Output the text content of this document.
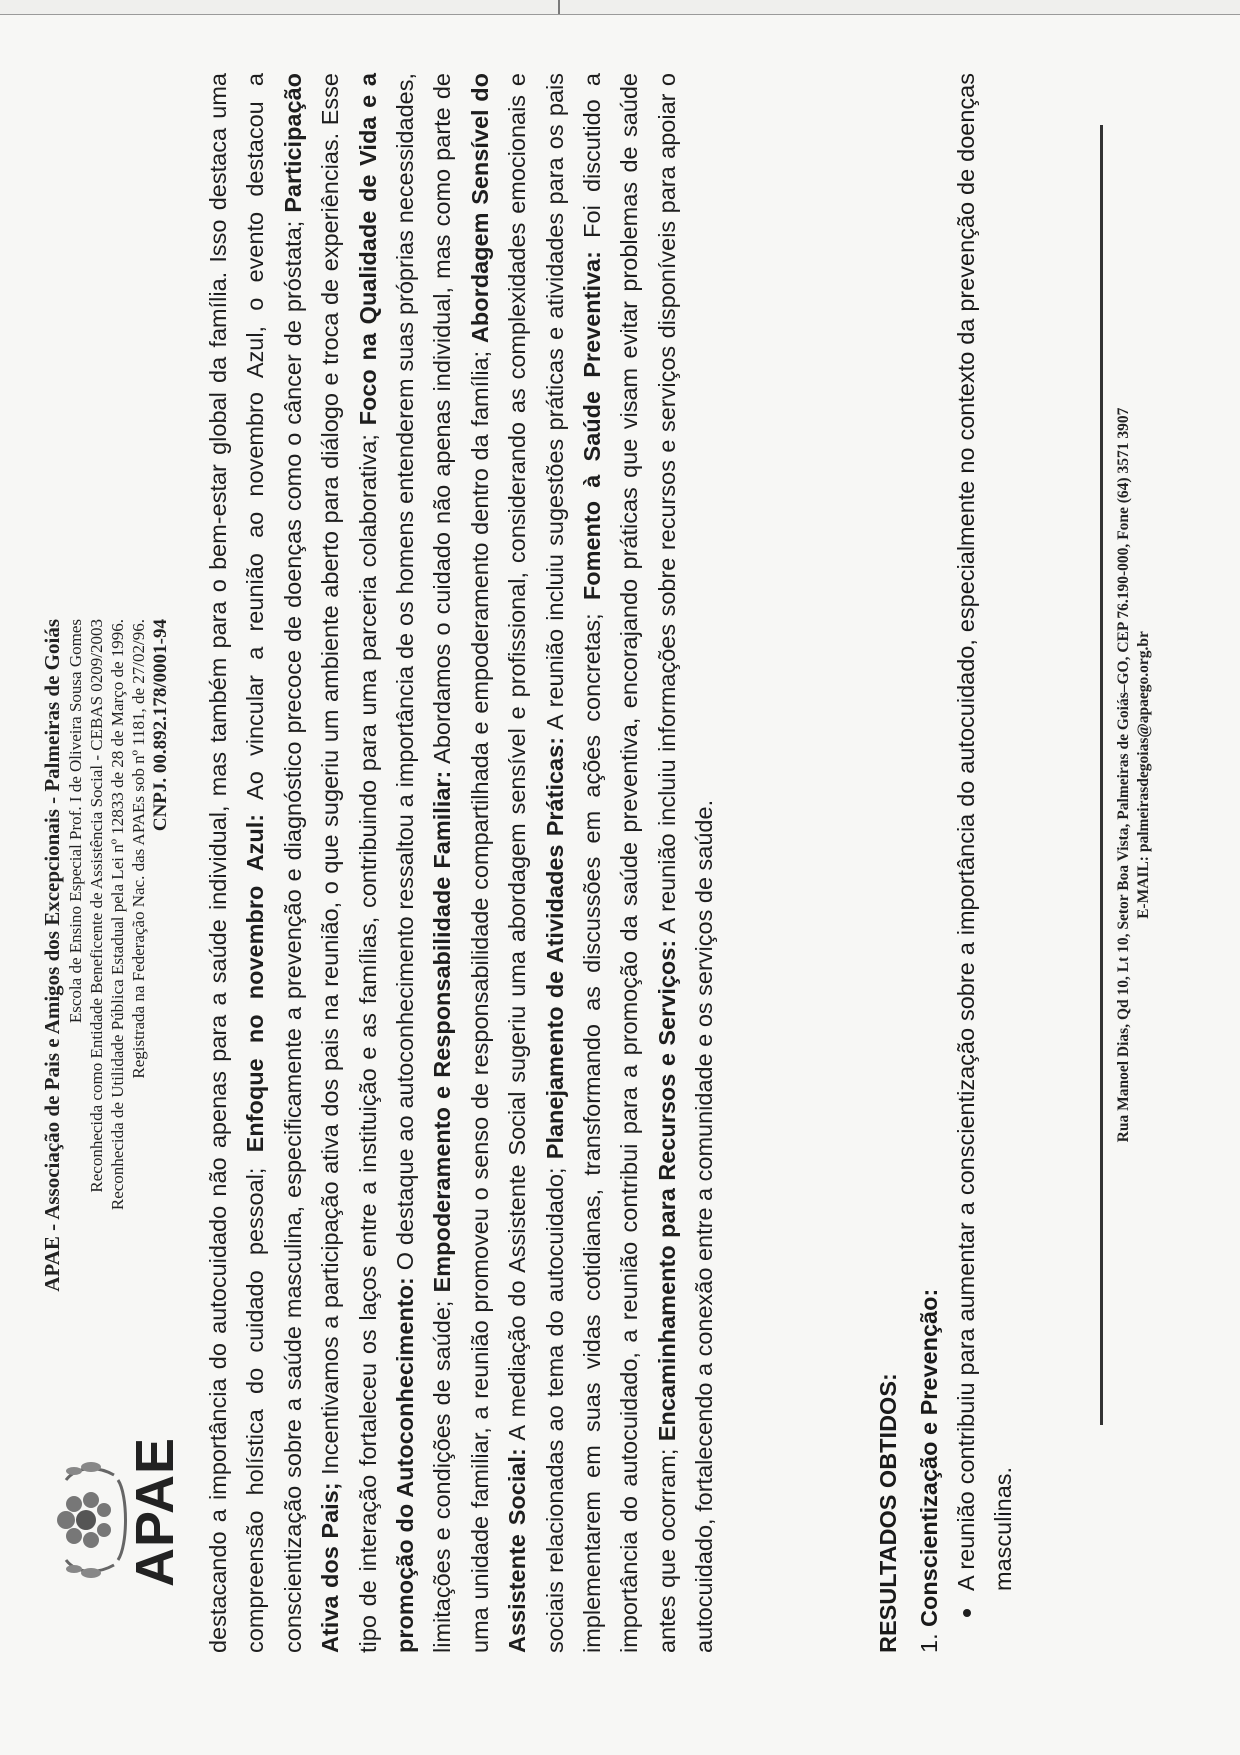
APAE
APAE - Associação de Pais e Amigos dos Excepcionais - Palmeiras de Goiás Escola de Ensino Especial Prof. I de Oliveira Sousa Gomes Reconhecida como Entidade Beneficente de Assistência Social - CEBAS 0209/2003 Reconhecida de Utilidade Pública Estadual pela Lei nº 12833 de 28 de Março de 1996. Registrada na Federação Nac. das APAEs sob nº 1181, de 27/02/96. CNPJ. 00.892.178/0001-94 destacando a importância do autocuidado não apenas para a saúde individual, mas também para o bem-estar global da família. Isso destaca uma compreensão holística do cuidado pessoal; Enfoque no novembro Azul: Ao vincular a reunião ao novembro Azul, o evento destacou a conscientização sobre a saúde masculina, especificamente a prevenção e diagnóstico precoce de doenças como o câncer de próstata; Participação Ativa dos Pais; Incentivamos a participação ativa dos pais na reunião, o que sugeriu um ambiente aberto para diálogo e troca de experiências. Esse tipo de interação fortaleceu os laços entre a instituição e as famílias, contribuindo para uma parceria colaborativa; Foco na Qualidade de Vida e a promoção do Autoconhecimento: O destaque ao autoconhecimento ressaltou a importância de os homens entenderem suas próprias necessidades, limitações e condições de saúde; Empoderamento e Responsabilidade Familiar: Abordamos o cuidado não apenas individual, mas como parte de uma unidade familiar, a reunião promoveu o senso de responsabilidade compartilhada e empoderamento dentro da família; Abordagem Sensível do Assistente Social: A mediação do Assistente Social sugeriu uma abordagem sensível e profissional, considerando as complexidades emocionais e sociais relacionadas ao tema do autocuidado; Planejamento de Atividades Práticas: A reunião incluiu sugestões práticas e atividades para os pais implementarem em suas vidas cotidianas, transformando as discussões em ações concretas; Fomento à Saúde Preventiva: Foi discutido a importância do autocuidado, a reunião contribui para a promoção da saúde preventiva, encorajando práticas que visam evitar problemas de saúde antes que ocorram; Encaminhamento para Recursos e Serviços: A reunião incluiu informações sobre recursos e serviços disponíveis para apoiar o autocuidado, fortalecendo a conexão entre a comunidade e os serviços de saúde.	RESULTADOS OBTIDOS: 1.Conscientização e Prevenção: A reunião contribuiu para aumentar a conscientização sobre a importância do autocuidado, especialmente no contexto da prevenção de doenças masculinas.
Rua Manoel Dias, Qd 10, Lt 10, Setor Boa Vista, Palmeiras de Goiás–GO, CEP 76.190-000, Fone (64) 3571 3907 E-MAIL: palmeirasdegoias@apaego.org.br
